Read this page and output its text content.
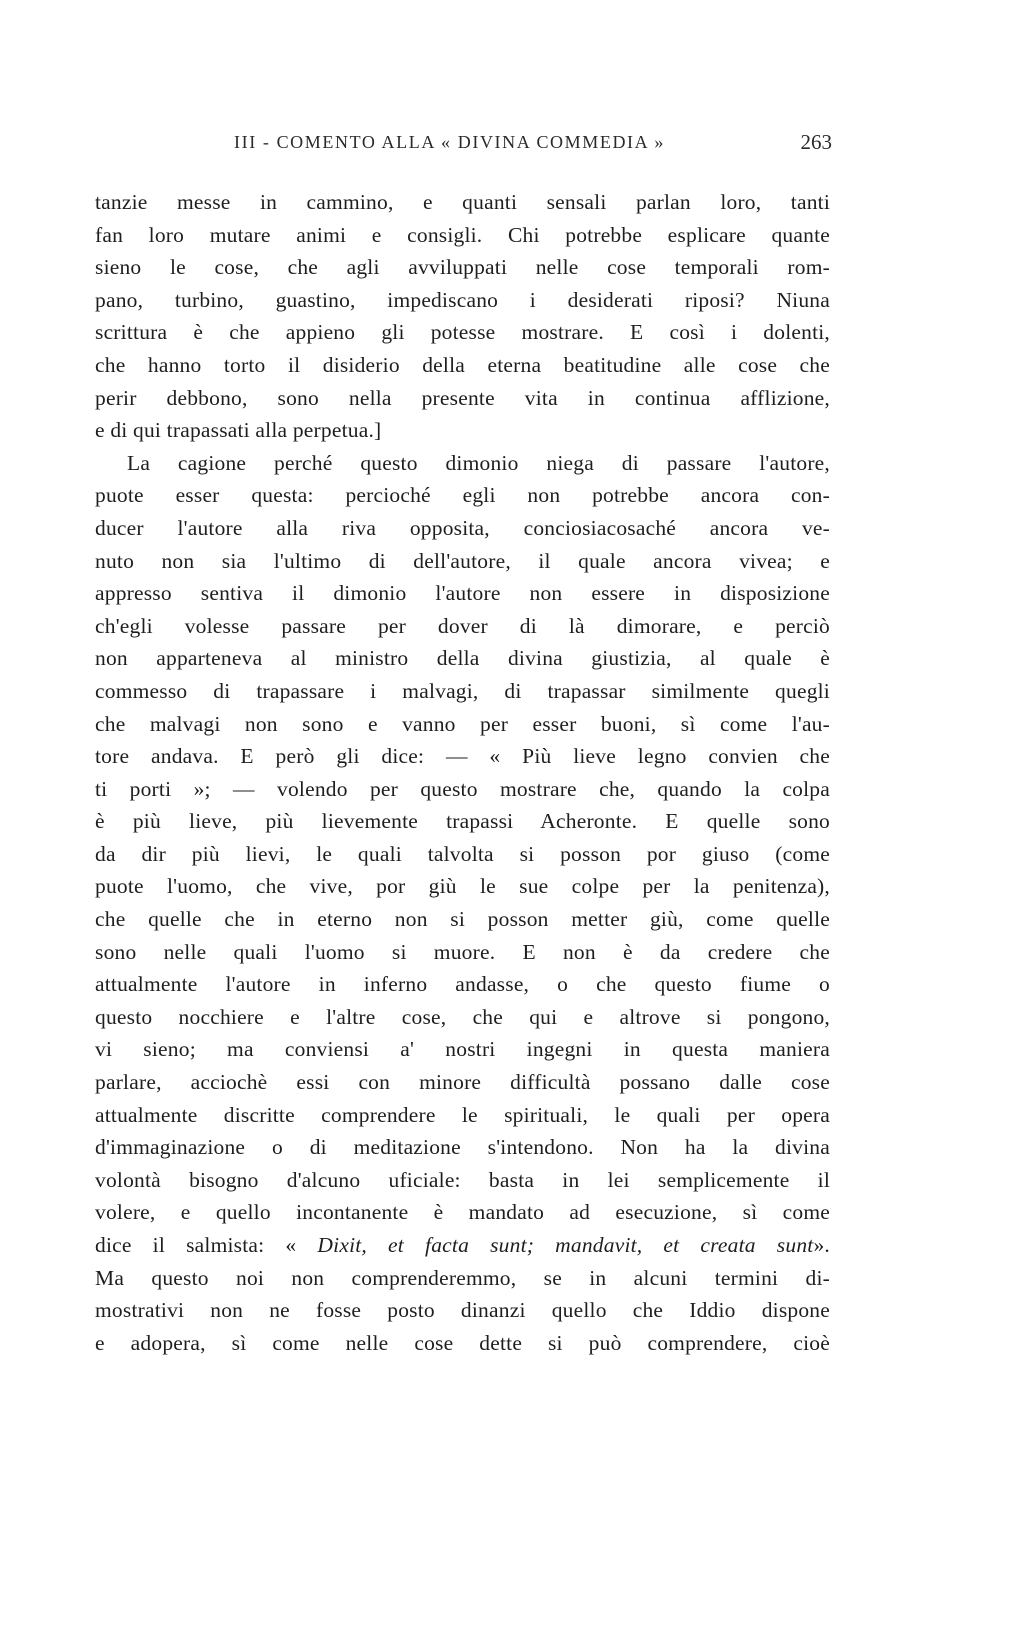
III - COMENTO ALLA « DIVINA COMMEDIA »	263
tanzie messe in cammino, e quanti sensali parlan loro, tanti
fan loro mutare animi e consigli. Chi potrebbe esplicare quante
sieno le cose, che agli avviluppati nelle cose temporali rom-
pano, turbino, guastino, impediscano i desiderati riposi? Niuna
scrittura è che appieno gli potesse mostrare. E così i dolenti,
che hanno torto il disiderio della eterna beatitudine alle cose che
perir debbono, sono nella presente vita in continua afflizione,
e di qui trapassati alla perpetua.]
La cagione perché questo dimonio niega di passare l'autore,
puote esser questa: percioché egli non potrebbe ancora con-
ducer l'autore alla riva opposita, conciosiacosaché ancora ve-
nuto non sia l'ultimo di dell'autore, il quale ancora vivea; e
appresso sentiva il dimonio l'autore non essere in disposizione
ch'egli volesse passare per dover di là dimorare, e perciò
non apparteneva al ministro della divina giustizia, al quale è
commesso di trapassare i malvagi, di trapassar similmente quegli
che malvagi non sono e vanno per esser buoni, sì come l'au-
tore andava. E però gli dice: — « Più lieve legno convien che
ti porti »; — volendo per questo mostrare che, quando la colpa
è più lieve, più lievemente trapassi Acheronte. E quelle sono
da dir più lievi, le quali talvolta si posson por giuso (come
puote l'uomo, che vive, por giù le sue colpe per la penitenza),
che quelle che in eterno non si posson metter giù, come quelle
sono nelle quali l'uomo si muore. E non è da credere che
attualmente l'autore in inferno andasse, o che questo fiume o
questo nocchiere e l'altre cose, che qui e altrove si pongono,
vi sieno; ma conviensi a' nostri ingegni in questa maniera
parlare, acciochè essi con minore difficultà possano dalle cose
attualmente discritte comprendere le spirituali, le quali per opera
d'immaginazione o di meditazione s'intendono. Non ha la divina
volontà bisogno d'alcuno uficiale: basta in lei semplicemente il
volere, e quello incontanente è mandato ad esecuzione, sì come
dice il salmista: « Dixit, et facta sunt; mandavit, et creata sunt».
Ma questo noi non comprenderemmo, se in alcuni termini di-
mostrativi non ne fosse posto dinanzi quello che Iddio dispone
e adopera, sì come nelle cose dette si può comprendere, cioè
